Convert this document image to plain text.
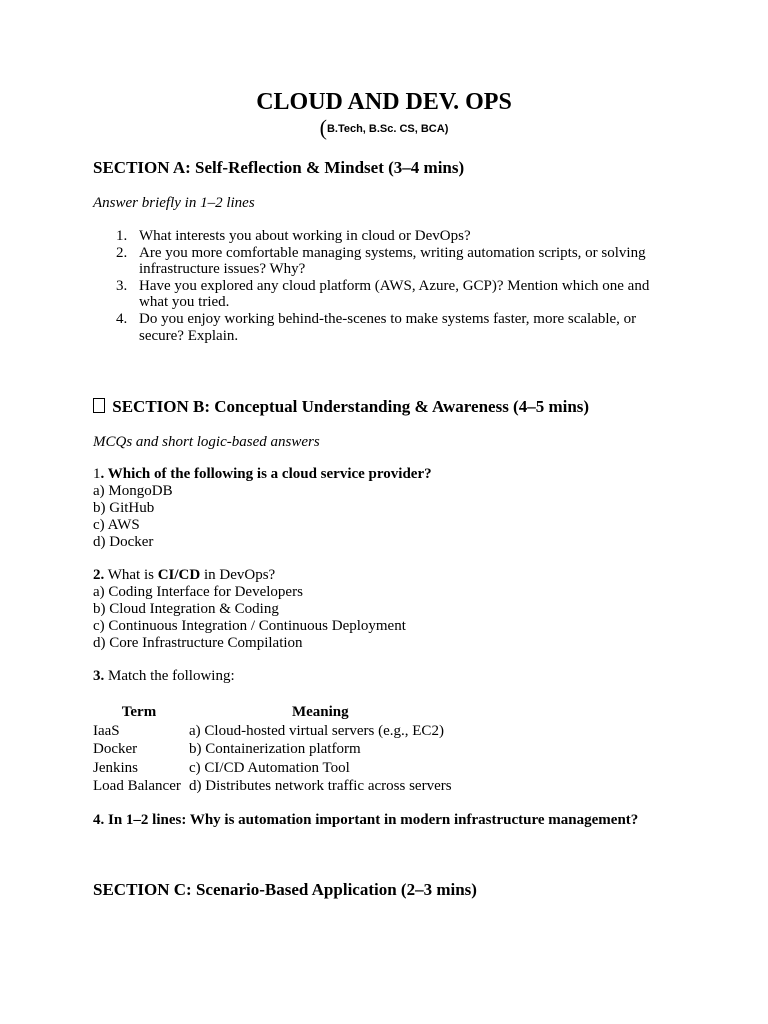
CLOUD AND DEV. OPS
(B.Tech, B.Sc. CS, BCA)
SECTION A: Self-Reflection & Mindset (3–4 mins)
Answer briefly in 1–2 lines
1. What interests you about working in cloud or DevOps?
2. Are you more comfortable managing systems, writing automation scripts, or solving
infrastructure issues? Why?
3. Have you explored any cloud platform (AWS, Azure, GCP)? Mention which one and
what you tried.
4. Do you enjoy working behind-the-scenes to make systems faster, more scalable, or
secure? Explain.
SECTION B: Conceptual Understanding & Awareness (4–5 mins)
MCQs and short logic-based answers
1. Which of the following is a cloud service provider?
a) MongoDB
b) GitHub
c) AWS
d) Docker
2. What is CI/CD in DevOps?
a) Coding Interface for Developers
b) Cloud Integration & Coding
c) Continuous Integration / Continuous Deployment
d) Core Infrastructure Compilation
3. Match the following:
Term	Meaning
IaaS	a) Cloud-hosted virtual servers (e.g., EC2)
Docker	b) Containerization platform
Jenkins	c) CI/CD Automation Tool
Load Balancer	d) Distributes network traffic across servers
4. In 1–2 lines: Why is automation important in modern infrastructure management?
SECTION C: Scenario-Based Application (2–3 mins)
